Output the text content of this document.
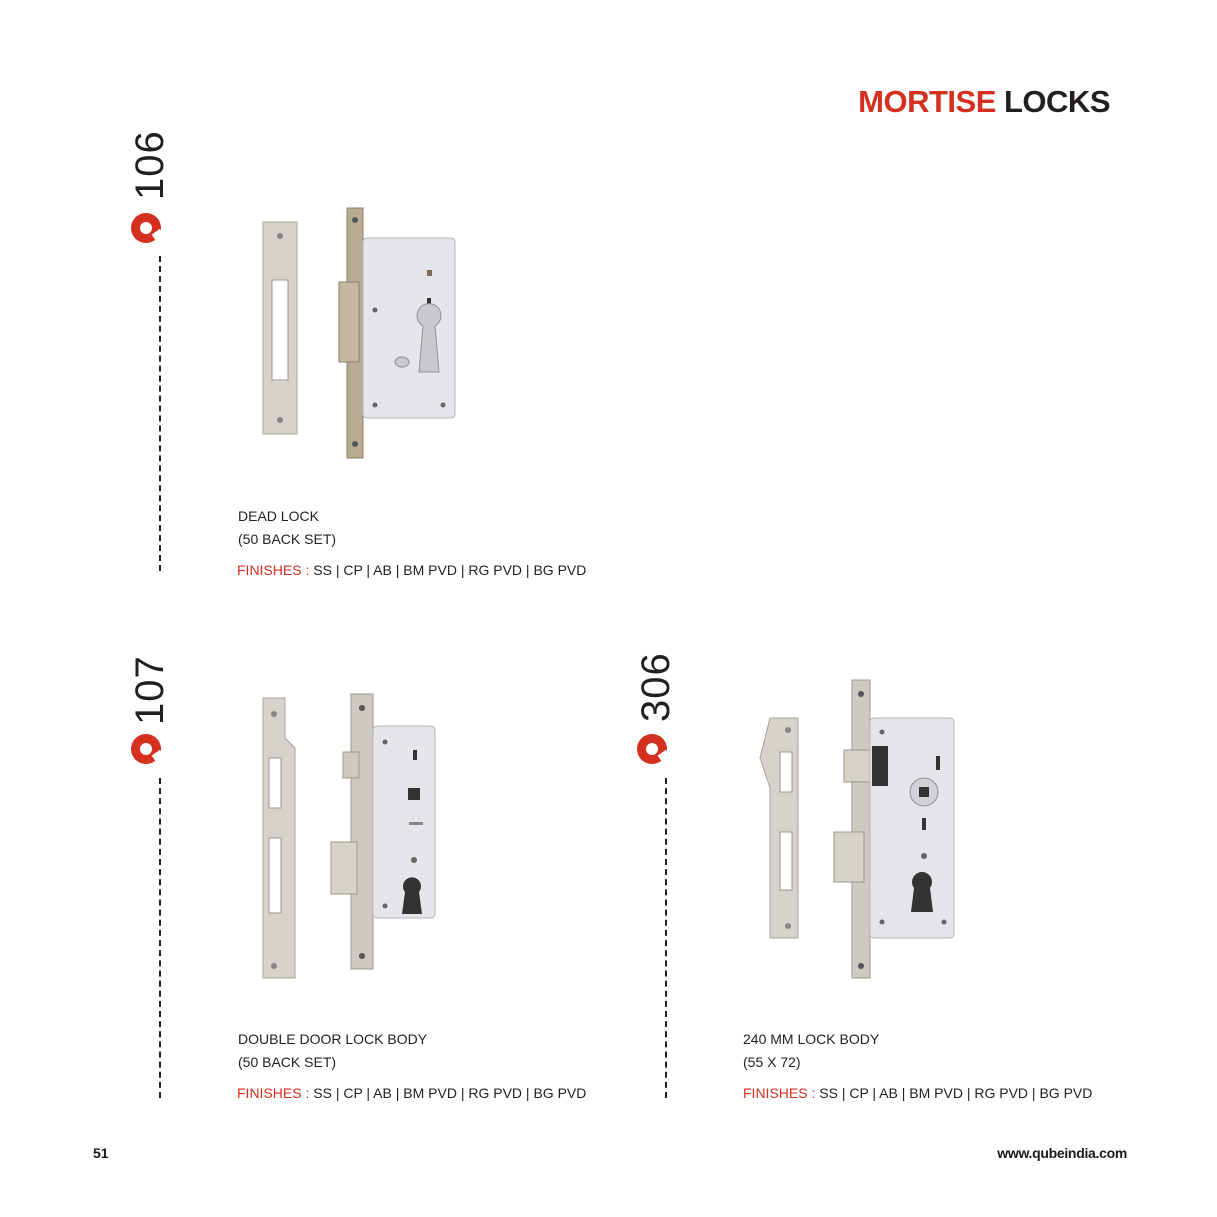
MORTISE LOCKS
106
DEAD LOCK
(50 BACK SET)
FINISHES : SS | CP | AB | BM PVD | RG PVD | BG PVD
107
DOUBLE DOOR LOCK BODY
(50 BACK SET)
FINISHES : SS | CP | AB | BM PVD | RG PVD | BG PVD
306
240 MM LOCK BODY
(55 X 72)
FINISHES : SS | CP | AB | BM PVD | RG PVD | BG PVD
51	www.qubeindia.com
